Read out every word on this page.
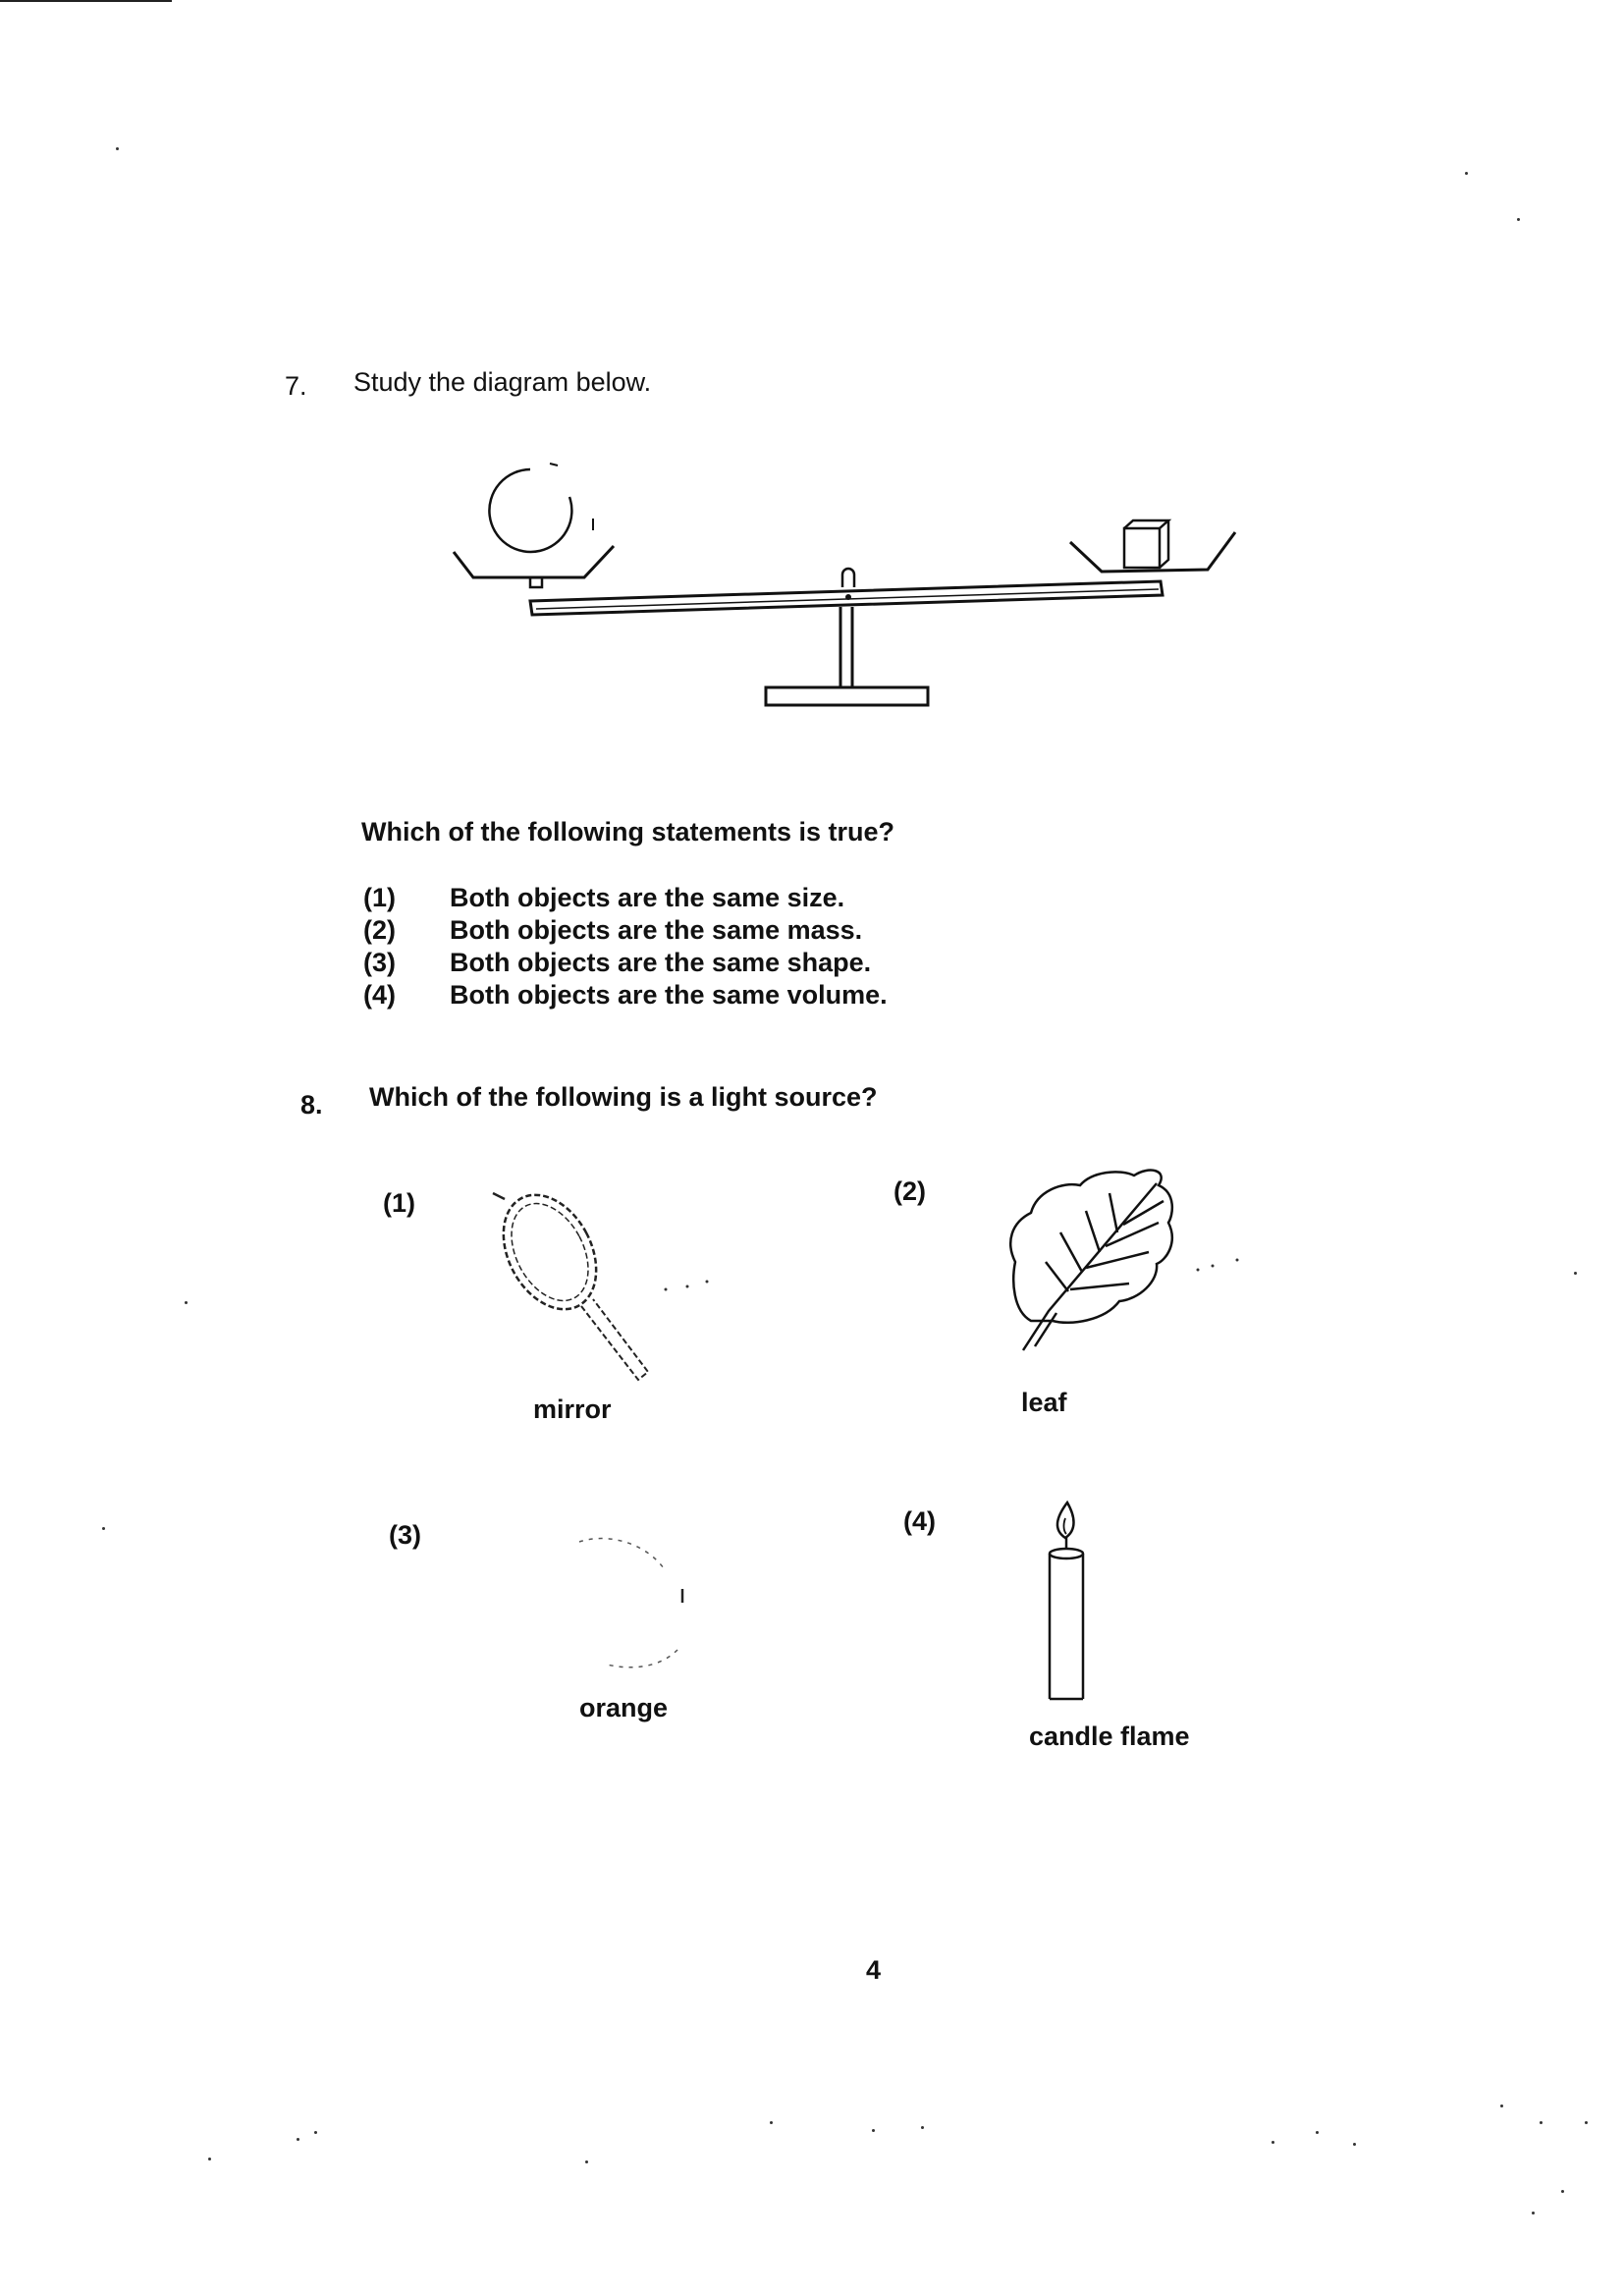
7. Study the diagram below.
Which of the following statements is true?
(1)	Both objects are the same size.
(2)	Both objects are the same mass.
(3)	Both objects are the same shape.
(4)	Both objects are the same volume.
8. Which of the following is a light source?
(1)
mirror
(2)
leaf
(3)
orange
(4)
candle flame
4
